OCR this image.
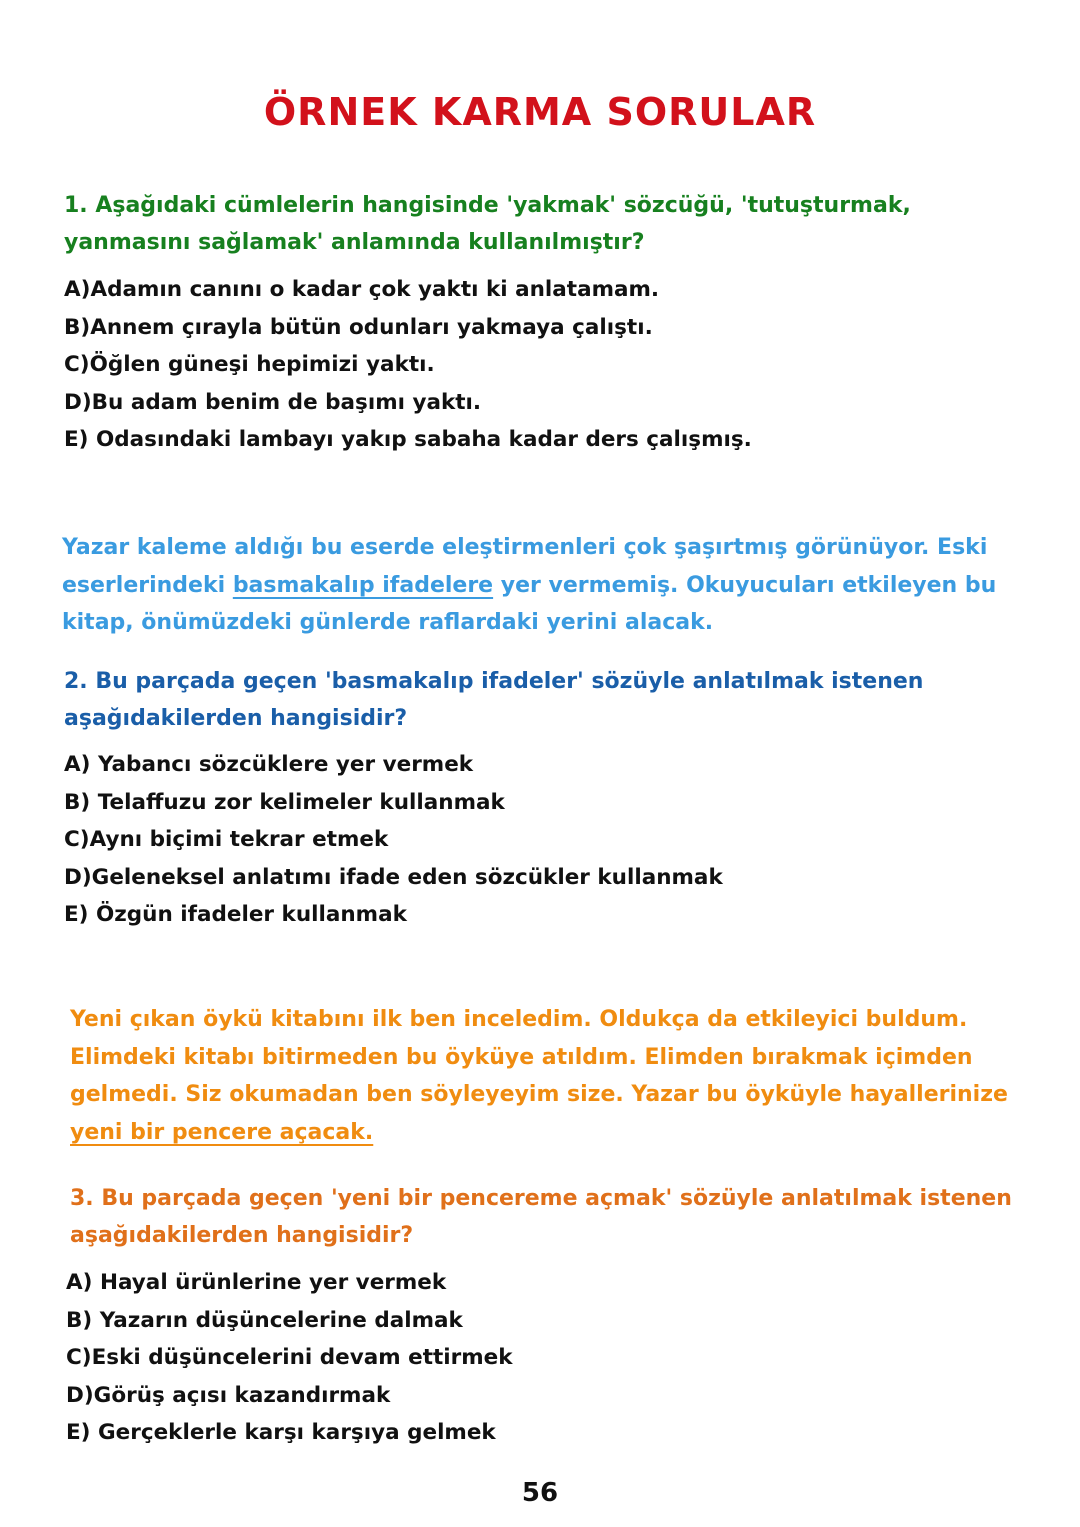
ÖRNEK KARMA SORULAR
1. Aşağıdaki cümlelerin hangisinde 'yakmak' sözcüğü, 'tutuşturmak, yanmasını sağlamak' anlamında kullanılmıştır?
A)Adamın canını o kadar çok yaktı ki anlatamam.
B)Annem çırayla bütün odunları yakmaya çalıştı.
C)Öğlen güneşi hepimizi yaktı.
D)Bu adam benim de başımı yaktı.
E) Odasındaki lambayı yakıp sabaha kadar ders çalışmış.
Yazar kaleme aldığı bu eserde eleştirmenleri çok şaşırtmış görünüyor. Eski eserlerindeki basmakalıp ifadelere yer vermemiş. Okuyucuları etkileyen bu kitap, önümüzdeki günlerde raflardaki yerini alacak.
2. Bu parçada geçen 'basmakalıp ifadeler' sözüyle anlatılmak istenen aşağıdakilerden hangisidir?
A) Yabancı sözcüklere yer vermek
B) Telaffuzu zor kelimeler kullanmak
C)Aynı biçimi tekrar etmek
D)Geleneksel anlatımı ifade eden sözcükler kullanmak
E) Özgün ifadeler kullanmak
Yeni çıkan öykü kitabını ilk ben inceledim. Oldukça da etkileyici buldum. Elimdeki kitabı bitirmeden bu öyküye atıldım. Elimden bırakmak içimden gelmedi. Siz okumadan ben söyleyeyim size. Yazar bu öyküyle hayallerinize yeni bir pencere açacak.
3. Bu parçada geçen 'yeni bir pencereme açmak' sözüyle anlatılmak istenen aşağıdakilerden hangisidir?
A) Hayal ürünlerine yer vermek
B) Yazarın düşüncelerine dalmak
C)Eski düşüncelerini devam ettirmek
D)Görüş açısı kazandırmak
E) Gerçeklerle karşı karşıya gelmek
56
